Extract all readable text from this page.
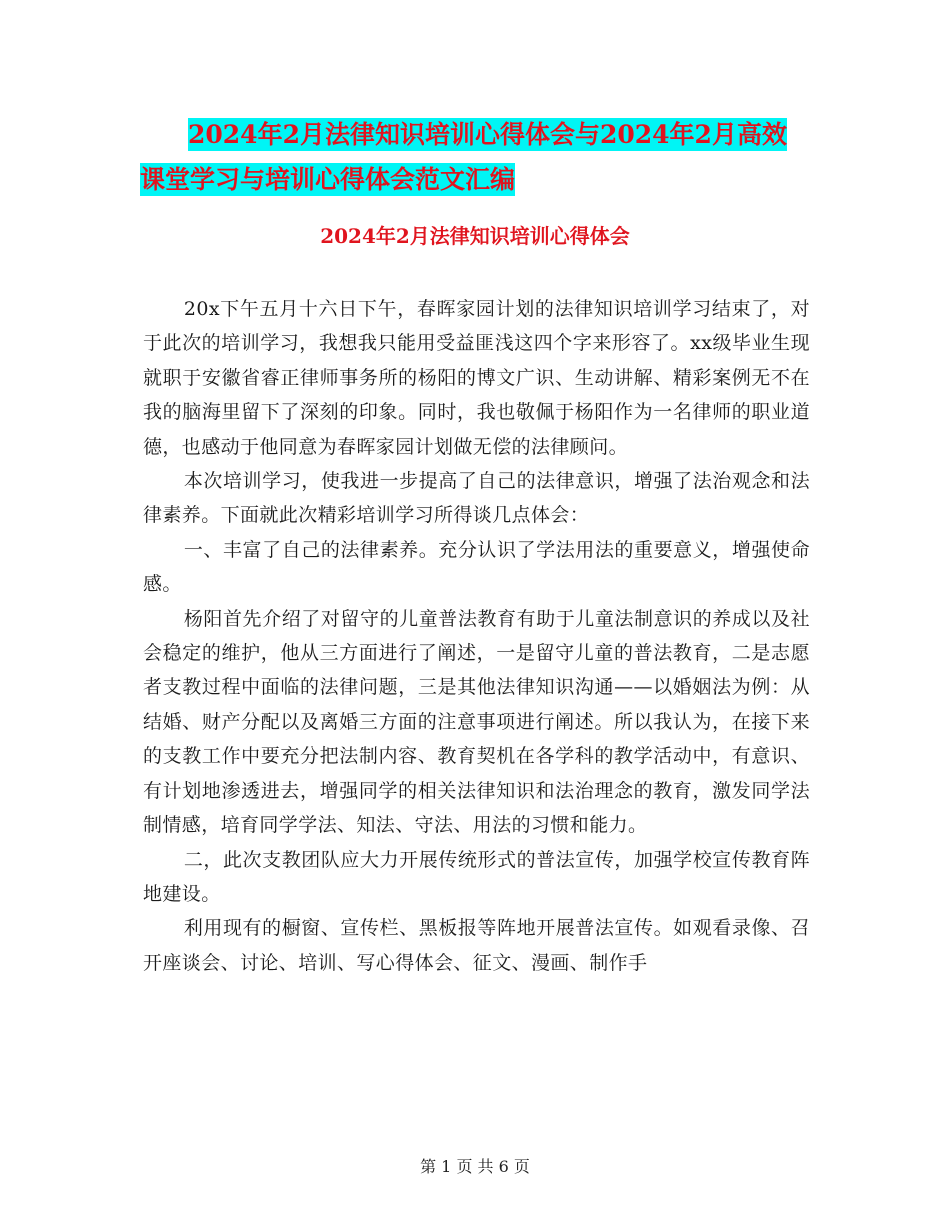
2024年2月法律知识培训心得体会与2024年2月高效
课堂学习与培训心得体会范文汇编
2024年2月法律知识培训心得体会

20x下午五月十六日下午，春晖家园计划的法律知识培训学习结束了，对于此次的培训学习，我想我只能用受益匪浅这四个字来形容了。xx级毕业生现就职于安徽省睿正律师事务所的杨阳的博文广识、生动讲解、精彩案例无不在我的脑海里留下了深刻的印象。同时，我也敬佩于杨阳作为一名律师的职业道德，也感动于他同意为春晖家园计划做无偿的法律顾问。

本次培训学习，使我进一步提高了自己的法律意识，增强了法治观念和法律素养。下面就此次精彩培训学习所得谈几点体会：

一、丰富了自己的法律素养。充分认识了学法用法的重要意义，增强使命感。

杨阳首先介绍了对留守的儿童普法教育有助于儿童法制意识的养成以及社会稳定的维护，他从三方面进行了阐述，一是留守儿童的普法教育，二是志愿者支教过程中面临的法律问题，三是其他法律知识沟通——以婚姻法为例：从结婚、财产分配以及离婚三方面的注意事项进行阐述。所以我认为，在接下来的支教工作中要充分把法制内容、教育契机在各学科的教学活动中，有意识、有计划地渗透进去，增强同学的相关法律知识和法治理念的教育，激发同学法制情感，培育同学学法、知法、守法、用法的习惯和能力。

二，此次支教团队应大力开展传统形式的普法宣传，加强学校宣传教育阵地建设。

利用现有的橱窗、宣传栏、黑板报等阵地开展普法宣传。如观看录像、召开座谈会、讨论、培训、写心得体会、征文、漫画、制作手

第 1 页 共 6 页
